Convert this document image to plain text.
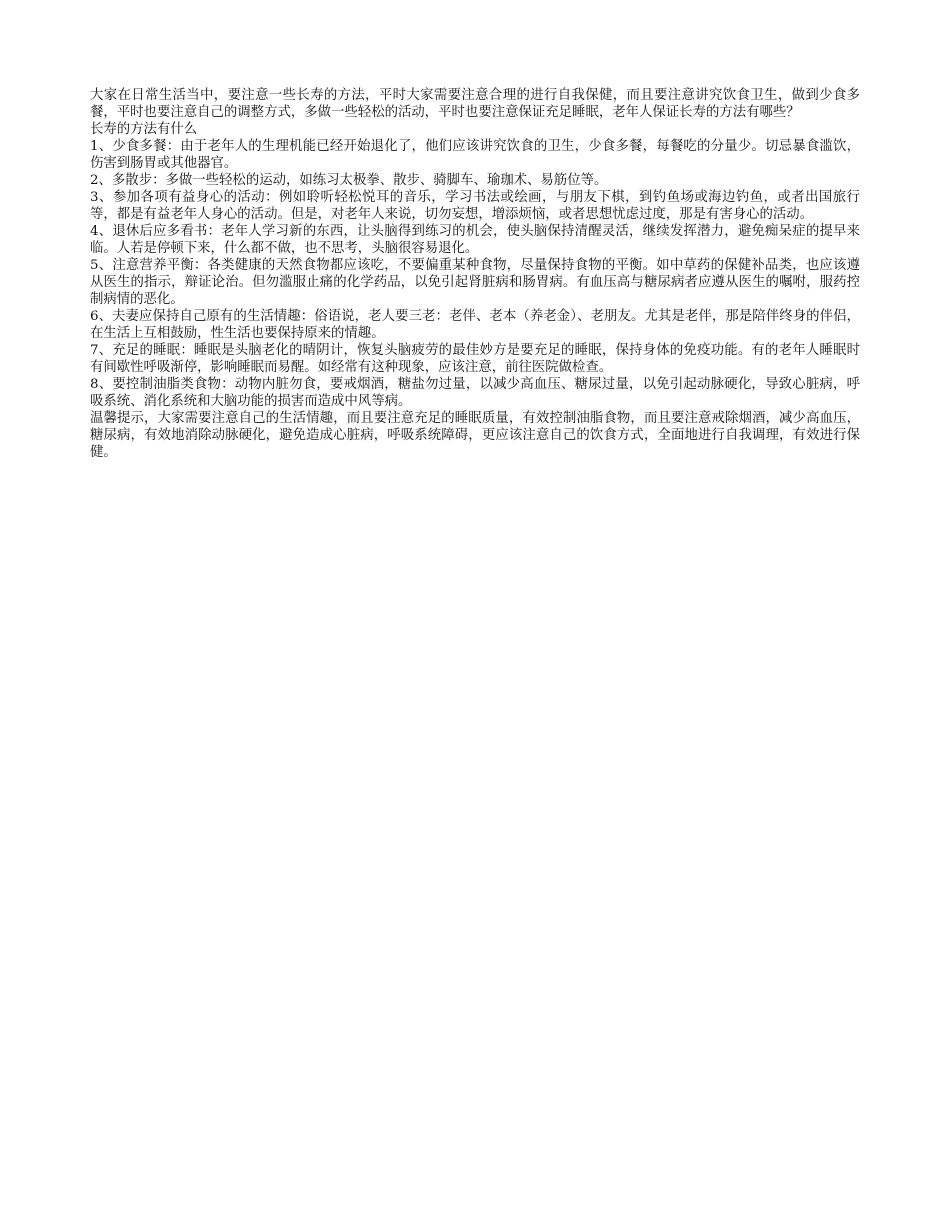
大家在日常生活当中，要注意一些长寿的方法，平时大家需要注意合理的进行自我保健，而且要注意讲究饮食卫生，做到少食多餐，平时也要注意自己的调整方式，多做一些轻松的活动，平时也要注意保证充足睡眠，老年人保证长寿的方法有哪些？

长寿的方法有什么

1、少食多餐：由于老年人的生理机能已经开始退化了，他们应该讲究饮食的卫生，少食多餐，每餐吃的分量少。切忌暴食滥饮，伤害到肠胃或其他器官。

2、多散步：多做一些轻松的运动，如练习太极拳、散步、骑脚车、瑜珈术、易筋位等。

3、参加各项有益身心的活动：例如聆听轻松悦耳的音乐，学习书法或绘画，与朋友下棋，到钓鱼场或海边钓鱼，或者出国旅行等，都是有益老年人身心的活动。但是，对老年人来说，切勿妄想，增添烦恼，或者思想忧虑过度，那是有害身心的活动。

4、退休后应多看书：老年人学习新的东西，让头脑得到练习的机会，使头脑保持清醒灵活，继续发挥潜力，避免痴呆症的提早来临。人若是停顿下来，什么都不做，也不思考，头脑很容易退化。

5、注意营养平衡：各类健康的天然食物都应该吃，不要偏重某种食物，尽量保持食物的平衡。如中草药的保健补品类，也应该遵从医生的指示，辩证论治。但勿滥服止痛的化学药品，以免引起肾脏病和肠胃病。有血压高与糖尿病者应遵从医生的嘱咐，服药控制病情的恶化。

6、夫妻应保持自己原有的生活情趣：俗语说，老人要三老：老伴、老本（养老金）、老朋友。尤其是老伴，那是陪伴终身的伴侣，在生活上互相鼓励，性生活也要保持原来的情趣。

7、充足的睡眠：睡眠是头脑老化的晴阴计，恢复头脑疲劳的最佳妙方是要充足的睡眠，保持身体的免疫功能。有的老年人睡眠时有间歇性呼吸渐停，影响睡眠而易醒。如经常有这种现象，应该注意，前往医院做检查。

8、要控制油脂类食物：动物内脏勿食，要戒烟酒，糖盐勿过量，以减少高血压、糖尿过量，以免引起动脉硬化，导致心脏病，呼吸系统、消化系统和大脑功能的损害而造成中风等病。

温馨提示，大家需要注意自己的生活情趣，而且要注意充足的睡眠质量，有效控制油脂食物，而且要注意戒除烟酒，减少高血压，糖尿病，有效地消除动脉硬化，避免造成心脏病，呼吸系统障碍，更应该注意自己的饮食方式，全面地进行自我调理，有效进行保健。
